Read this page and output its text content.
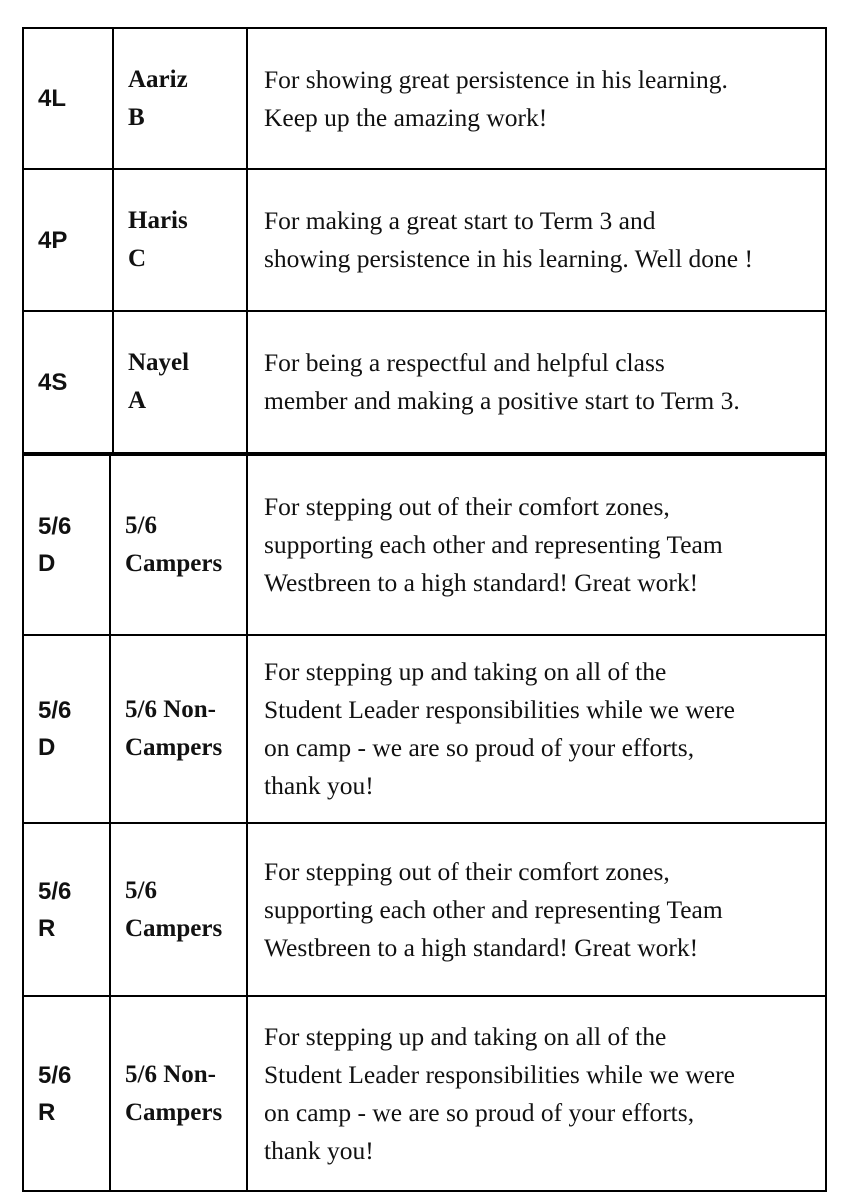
4L
Aariz
B
For showing great persistence in his learning.
Keep up the amazing work!
4P
Haris
C
For making a great start to Term 3 and
showing persistence in his learning. Well done !
4S
Nayel
A
For being a respectful and helpful class
member and making a positive start to Term 3.
5/6
D
5/6
Campers
For stepping out of their comfort zones,
supporting each other and representing Team
Westbreen to a high standard! Great work!
5/6
D
5/6 Non-
Campers
For stepping up and taking on all of the
Student Leader responsibilities while we were
on camp - we are so proud of your efforts,
thank you!
5/6
R
5/6
Campers
For stepping out of their comfort zones,
supporting each other and representing Team
Westbreen to a high standard! Great work!
5/6
R
5/6 Non-
Campers
For stepping up and taking on all of the
Student Leader responsibilities while we were
on camp - we are so proud of your efforts,
thank you!
